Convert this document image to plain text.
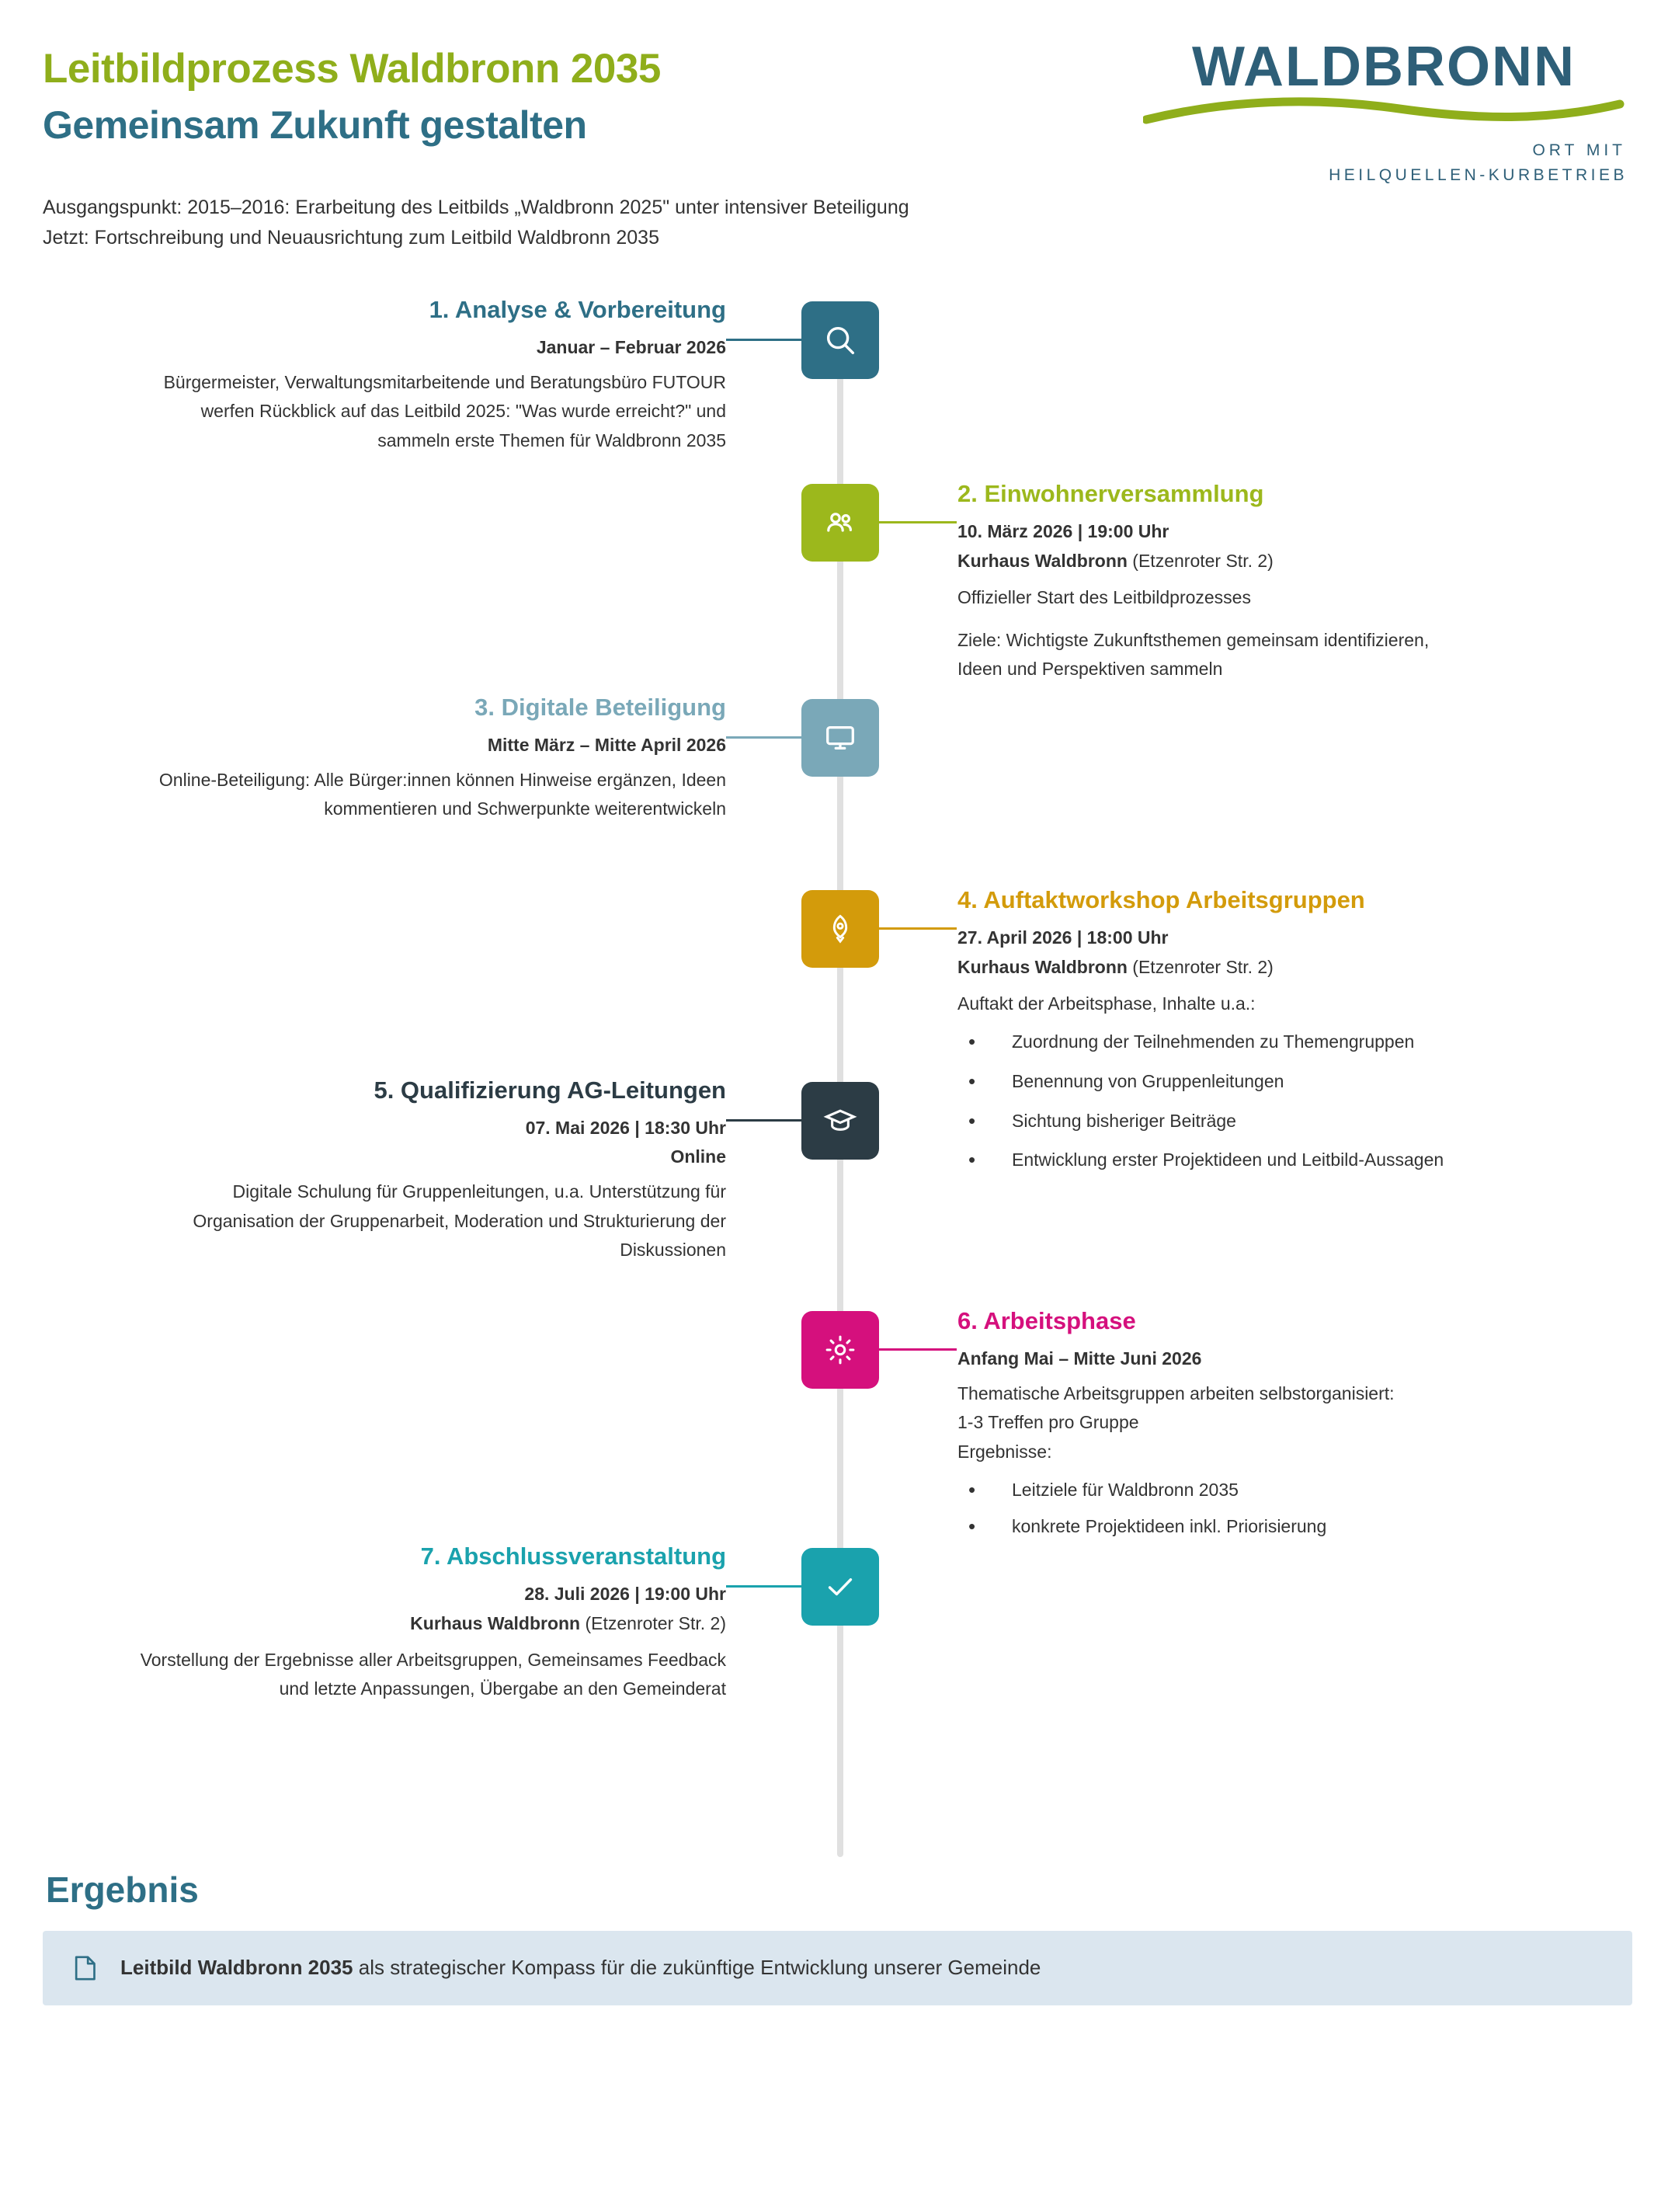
Leitbildprozess Waldbronn 2035
Gemeinsam Zukunft gestalten
WALDBRONN
ORT MIT
HEILQUELLEN-KURBETRIEB
Ausgangspunkt: 2015–2016: Erarbeitung des Leitbilds „Waldbronn 2025" unter intensiver Beteiligung
Jetzt: Fortschreibung und Neuausrichtung zum Leitbild Waldbronn 2035
1. Analyse & Vorbereitung
Januar – Februar 2026
Bürgermeister, Verwaltungsmitarbeitende und Beratungsbüro FUTOUR werfen Rückblick auf das Leitbild 2025: "Was wurde erreicht?" und sammeln erste Themen für Waldbronn 2035
2. Einwohnerversammlung
10. März 2026 | 19:00 Uhr
Kurhaus Waldbronn (Etzenroter Str. 2)

Offizieller Start des Leitbildprozesses

Ziele: Wichtigste Zukunftsthemen gemeinsam identifizieren,

Ideen und Perspektiven sammeln

3. Digitale Beteiligung
Mitte März – Mitte April 2026
Online-Beteiligung: Alle Bürger:innen können Hinweise ergänzen, Ideen kommentieren und Schwerpunkte weiterentwickeln
4. Auftaktworkshop Arbeitsgruppen
27. April 2026 | 18:00 Uhr
Kurhaus Waldbronn (Etzenroter Str. 2)

Auftakt der Arbeitsphase, Inhalte u.a.:

• Zuordnung der Teilnehmenden zu Themengruppen
• Benennung von Gruppenleitungen
• Sichtung bisheriger Beiträge
• Entwicklung erster Projektideen und Leitbild-Aussagen
5. Qualifizierung AG-Leitungen
07. Mai 2026 | 18:30 Uhr
Online
Digitale Schulung für Gruppenleitungen, u.a. Unterstützung für Organisation der Gruppenarbeit, Moderation und Strukturierung der Diskussionen
6. Arbeitsphase
Anfang Mai – Mitte Juni 2026

Thematische Arbeitsgruppen arbeiten selbstorganisiert:

1-3 Treffen pro Gruppe

Ergebnisse:

• Leitziele für Waldbronn 2035
• konkrete Projektideen inkl. Priorisierung
7. Abschlussveranstaltung
28. Juli 2026 | 19:00 Uhr
Kurhaus Waldbronn (Etzenroter Str. 2)
Vorstellung der Ergebnisse aller Arbeitsgruppen, Gemeinsames Feedback und letzte Anpassungen, Übergabe an den Gemeinderat
Ergebnis
Leitbild Waldbronn 2035 als strategischer Kompass für die zukünftige Entwicklung unserer Gemeinde
